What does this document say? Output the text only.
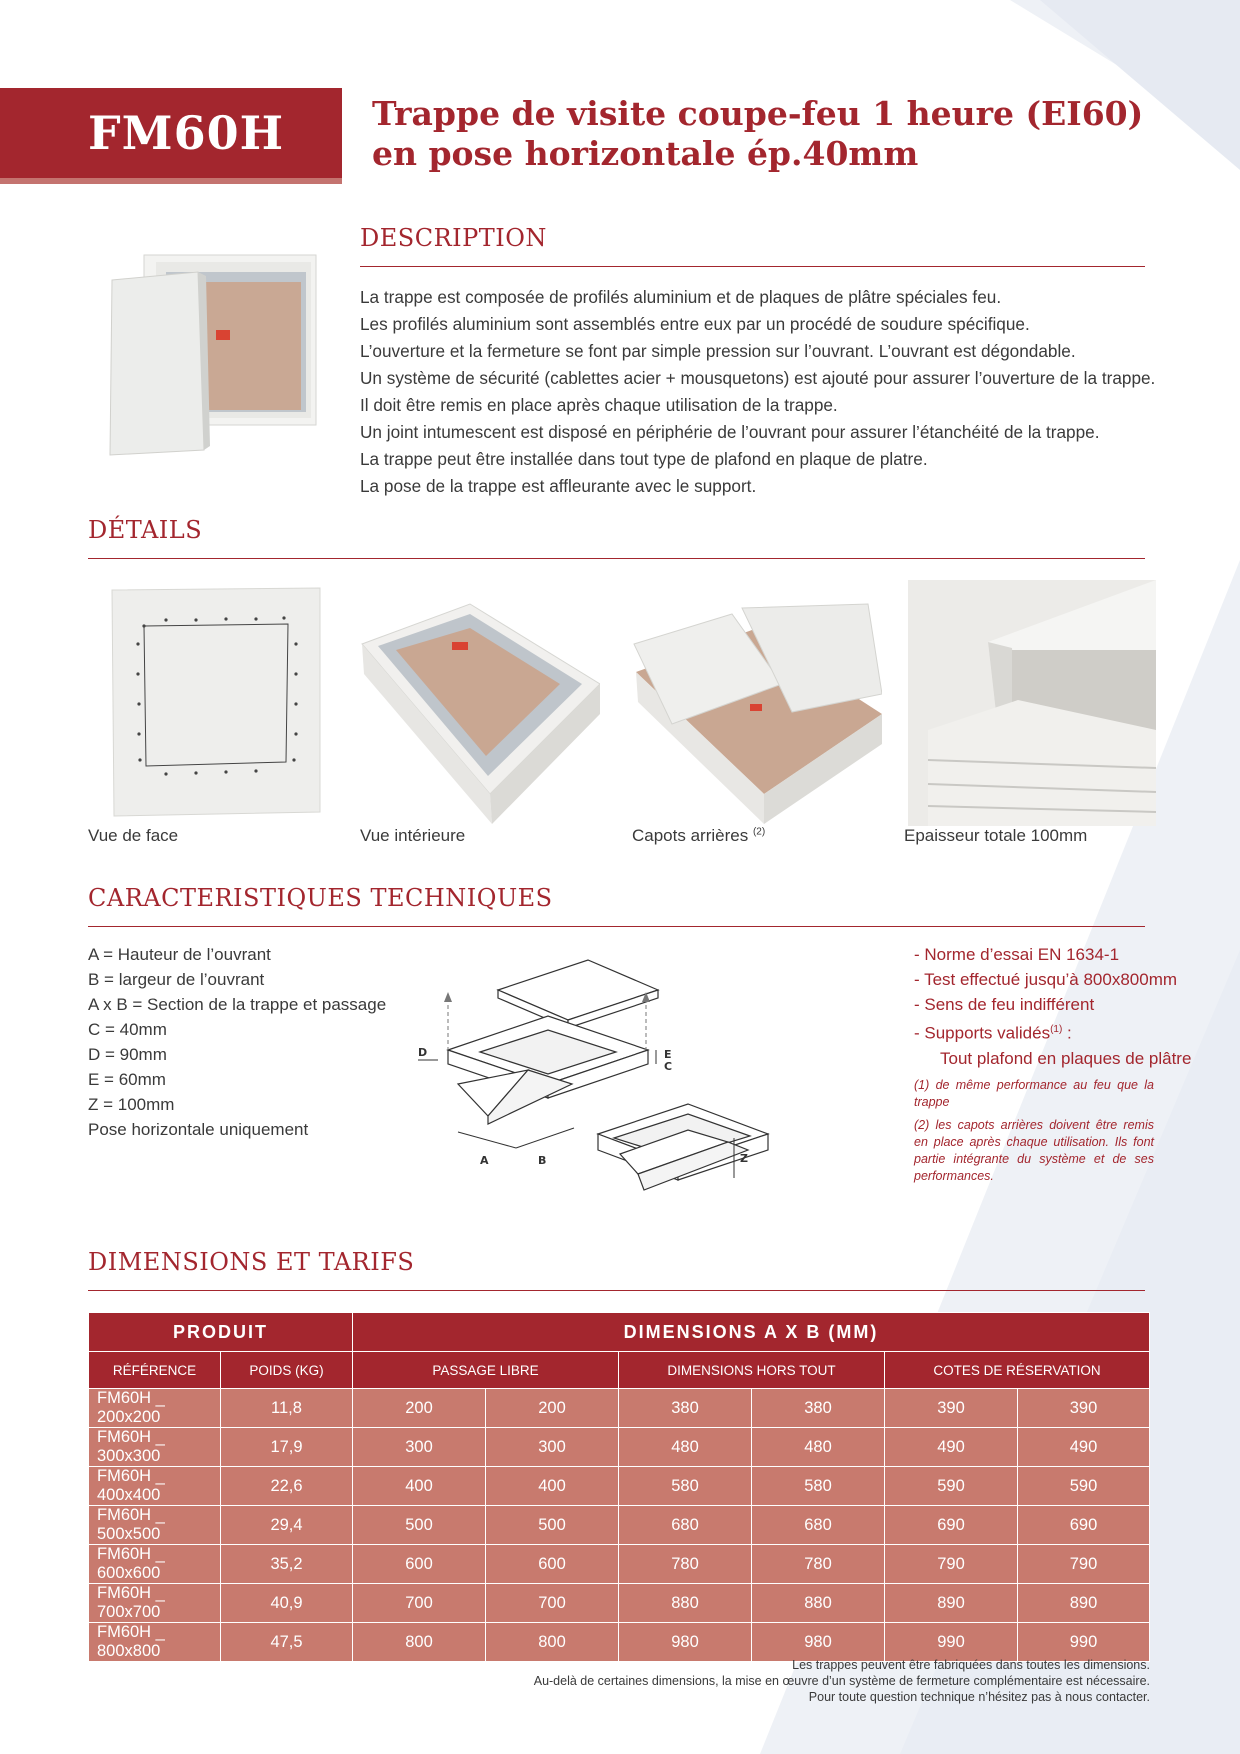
FM60H	Trappe de visite coupe-feu 1 heure (EI60)
en pose horizontale ép.40mm
DESCRIPTION
La trappe est composée de profilés aluminium et de plaques de plâtre spéciales feu.
Les profilés aluminium sont assemblés entre eux par un procédé de soudure spécifique.
L’ouverture et la fermeture se font par simple pression sur l’ouvrant. L’ouvrant est dégondable.
Un système de sécurité (cablettes acier + mousquetons) est ajouté pour assurer l’ouverture de la trappe.
Il doit être remis en place après chaque utilisation de la trappe.
Un joint intumescent est disposé en périphérie de l’ouvrant pour assurer l’étanchéité de la trappe.
La trappe peut être installée dans tout type de plafond en plaque de platre.
La pose de la trappe est affleurante avec le support.
DÉTAILS
Vue de face	Vue intérieure	Capots arrières $^{(2)}$	Epaisseur totale 100mm
CARACTERISTIQUES TECHNIQUES
A = Hauteur de l’ouvrant
B = largeur de l’ouvrant
A x B = Section de la trappe et passage libre
C = 40mm
D = 90mm
E = 60mm
Z = 100mm
Pose horizontale uniquement
A	B
C
D	E
Z
- Norme d’essai EN 1634-1
- Test effectué jusqu’à 800x800mm
- Sens de feu indifférent
- Supports validés$^{(1)}$ :
Tout plafond en plaques de plâtre
(1) de même performance au feu que la trappe
(2) les capots arrières doivent être remis en place après chaque utilisation. Ils font partie intégrante du système et de ses performances.
DIMENSIONS ET TARIFS
PRODUIT		DIMENSIONS A X B (MM)					
RÉFÉRENCE	POIDS (KG)	PASSAGE LIBRE		DIMENSIONS HORS TOUT		COTES DE RÉSERVATION	
FM60H _ 200x200	11,8	200	200	380	380	390	390
FM60H _ 300x300	17,9	300	300	480	480	490	490
FM60H _ 400x400	22,6	400	400	580	580	590	590
FM60H _ 500x500	29,4	500	500	680	680	690	690
FM60H _ 600x600	35,2	600	600	780	780	790	790
FM60H _ 700x700	40,9	700	700	880	880	890	890
FM60H _ 800x800	47,5	800	800	980	980	990	990
Les trappes peuvent être fabriquées dans toutes les dimensions.
Au-delà de certaines dimensions, la mise en œuvre d’un système de fermeture complémentaire est nécessaire.
Pour toute question technique n’hésitez pas à nous contacter.
